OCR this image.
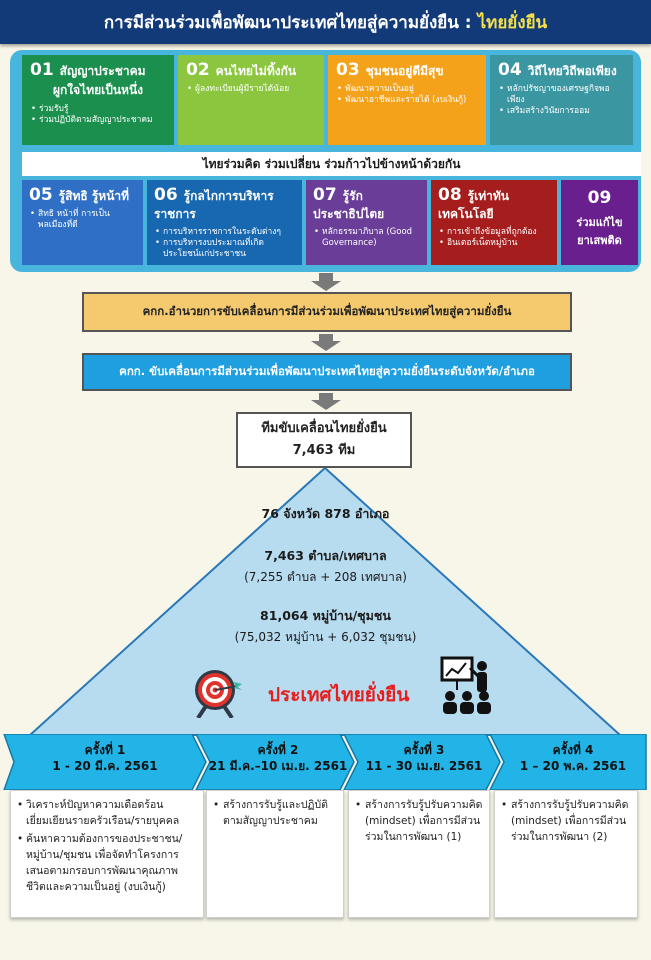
การมีส่วนร่วมเพื่อพัฒนาประเทศไทยสู่ความยั่งยืน : ไทยยั่งยืน
01 สัญญาประชาคม
ผูกใจไทยเป็นหนึ่ง
• ร่วมรับรู้
• ร่วมปฏิบัติตามสัญญาประชาคม
02 คนไทยไม่ทิ้งกัน
• ผู้ลงทะเบียนผู้มีรายได้น้อย
03 ชุมชนอยู่ดีมีสุข
• พัฒนาความเป็นอยู่
• พัฒนาอาชีพและรายได้ (งบเงินกู้)
04 วิถีไทยวิถีพอเพียง
• หลักปรัชญาของเศรษฐกิจพอเพียง
• เสริมสร้างวินัยการออม
ไทยร่วมคิด ร่วมเปลี่ยน ร่วมก้าวไปข้างหน้าด้วยกัน
05 รู้สิทธิ รู้หน้าที่
• สิทธิ หน้าที่ การเป็นพลเมืองที่ดี
06 รู้กลไกการบริหารราชการ
• การบริหารราชการในระดับต่างๆ
• การบริหารงบประมาณที่เกิดประโยชน์แก่ประชาชน
07 รู้รักประชาธิปไตย
• หลักธรรมาภิบาล (Good Governance)
08 รู้เท่าทันเทคโนโลยี
• การเข้าถึงข้อมูลที่ถูกต้อง
• อินเตอร์เน็ตหมู่บ้าน
09
ร่วมแก้ไข
ยาเสพติด
คกก.อำนวยการขับเคลื่อนการมีส่วนร่วมเพื่อพัฒนาประเทศไทยสู่ความยั่งยืน
คกก. ขับเคลื่อนการมีส่วนร่วมเพื่อพัฒนาประเทศไทยสู่ความยั่งยืนระดับจังหวัด/อำเภอ
ทีมขับเคลื่อนไทยยั่งยืน
7,463 ทีม
76 จังหวัด 878 อำเภอ
7,463 ตำบล/เทศบาล
(7,255 ตำบล + 208 เทศบาล)
81,064 หมู่บ้าน/ชุมชน
(75,032 หมู่บ้าน + 6,032 ชุมชน)
ประเทศไทยยั่งยืน
ครั้งที่ 1
1 - 20 มี.ค. 2561
ครั้งที่ 2
21 มี.ค.–10 เม.ย. 2561
ครั้งที่ 3
11 - 30 เม.ย. 2561
ครั้งที่ 4
1 – 20 พ.ค. 2561
• วิเคราะห์ปัญหาความเดือดร้อน เยี่ยมเยียนรายครัวเรือน/รายบุคคล
• ค้นหาความต้องการของประชาชน/หมู่บ้าน/ชุมชน เพื่อจัดทำโครงการ เสนอตามกรอบการพัฒนาคุณภาพชีวิตและความเป็นอยู่ (งบเงินกู้)
• สร้างการรับรู้และปฏิบัติตามสัญญาประชาคม
• สร้างการรับรู้ปรับความคิด (mindset) เพื่อการมีส่วนร่วมในการพัฒนา (1)
• สร้างการรับรู้ปรับความคิด (mindset) เพื่อการมีส่วนร่วมในการพัฒนา (2)
